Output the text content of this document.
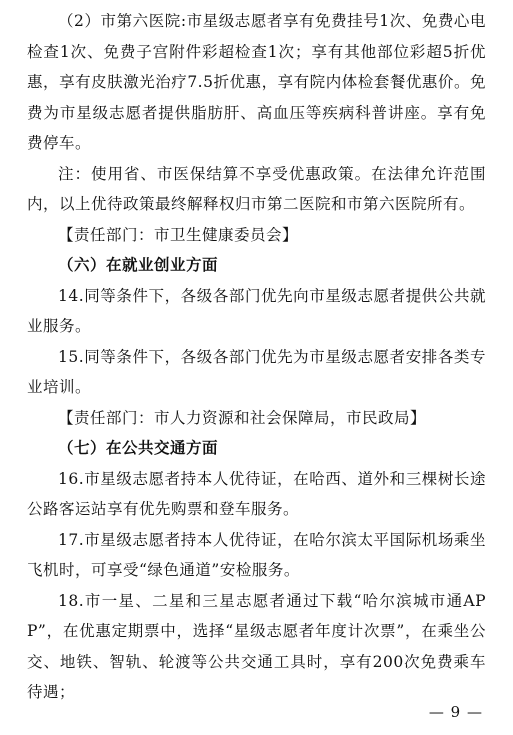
（2）市第六医院:市星级志愿者享有免费挂号1次、免费心电检查1次、免费子宫附件彩超检查1次；享有其他部位彩超5折优惠，享有皮肤激光治疗7.5折优惠，享有院内体检套餐优惠价。免费为市星级志愿者提供脂肪肝、高血压等疾病科普讲座。享有免费停车。

注：使用省、市医保结算不享受优惠政策。在法律允许范围内，以上优待政策最终解释权归市第二医院和市第六医院所有。

【责任部门：市卫生健康委员会】

（六）在就业创业方面

14.同等条件下，各级各部门优先向市星级志愿者提供公共就业服务。

15.同等条件下，各级各部门优先为市星级志愿者安排各类专业培训。

【责任部门：市人力资源和社会保障局，市民政局】

（七）在公共交通方面

16.市星级志愿者持本人优待证，在哈西、道外和三棵树长途公路客运站享有优先购票和登车服务。

17.市星级志愿者持本人优待证，在哈尔滨太平国际机场乘坐飞机时，可享受“绿色通道”安检服务。

18.市一星、二星和三星志愿者通过下载“哈尔滨城市通APP”，在优惠定期票中，选择“星级志愿者年度计次票”，在乘坐公交、地铁、智轨、轮渡等公共交通工具时，享有200次免费乘车待遇；

— 9 —
